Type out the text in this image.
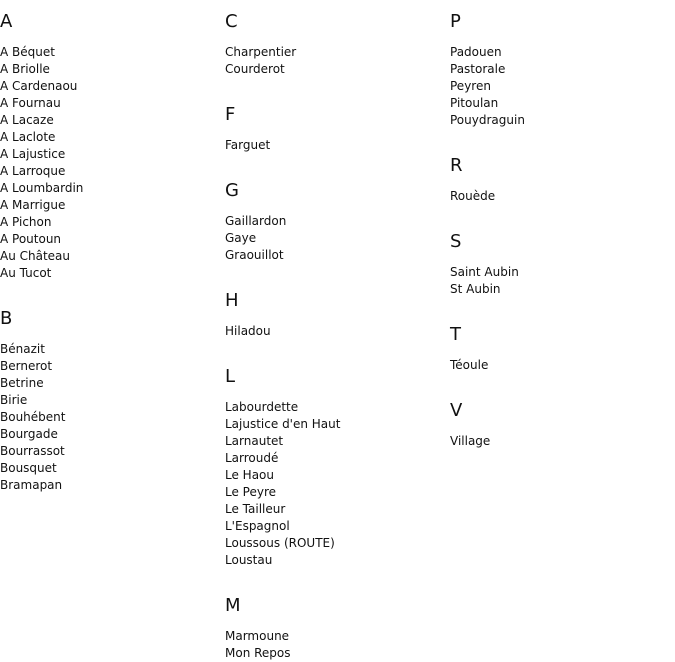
A
A Béquet
A Briolle
A Cardenaou
A Fournau
A Lacaze
A Laclote
A Lajustice
A Larroque
A Loumbardin
A Marrigue
A Pichon
A Poutoun
Au Château
Au Tucot
B
Bénazit
Bernerot
Betrine
Birie
Bouhébent
Bourgade
Bourrassot
Bousquet
Bramapan
C
Charpentier
Courderot
F
Farguet
G
Gaillardon
Gaye
Graouillot
H
Hiladou
L
Labourdette
Lajustice d'en Haut
Larnautet
Larroudé
Le Haou
Le Peyre
Le Tailleur
L'Espagnol
Loussous (ROUTE)
Loustau
M
Marmoune
Mon Repos
P
Padouen
Pastorale
Peyren
Pitoulan
Pouydraguin
R
Rouède
S
Saint Aubin
St Aubin
T
Téoule
V
Village
